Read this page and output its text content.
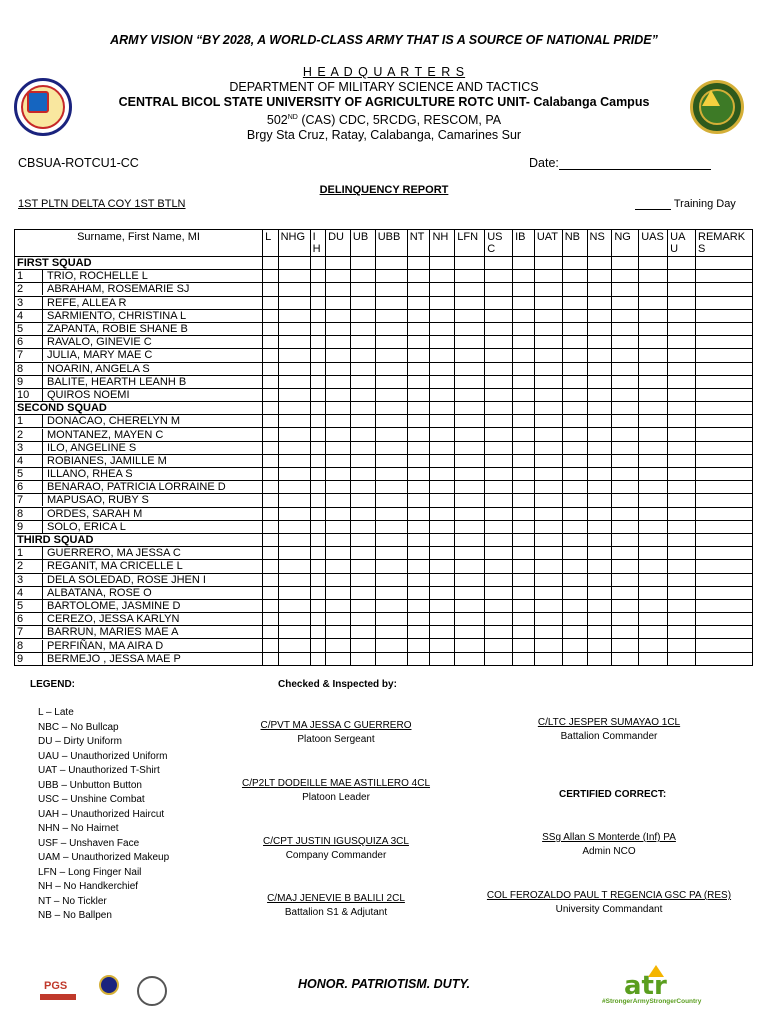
ARMY VISION “BY 2028, A WORLD-CLASS ARMY THAT IS A SOURCE OF NATIONAL PRIDE”
H E A D Q U A R T E R S
DEPARTMENT OF MILITARY SCIENCE AND TACTICS
CENTRAL BICOL STATE UNIVERSITY OF AGRICULTURE ROTC UNIT- Calabanga Campus
502ND (CAS) CDC, 5RCDG, RESCOM, PA
Brgy Sta Cruz, Ratay, Calabanga, Camarines Sur
CBSUA-ROTCU1-CC	Date:
DELINQUENCY REPORT
1ST PLTN DELTA COY 1ST BTLN	Training Day
Surname, First Name, MI	L	NHG	IH	DU	UB	UBB	NT	NH	LFN	USC	IB	UAT	NB	NS	NG	UAS	UAU	REMARKS
FIRST SQUAD																		
1 TRIO, ROCHELLE L																		
2 ABRAHAM, ROSEMARIE SJ																		
3 REFE, ALLEA R																		
4 SARMIENTO, CHRISTINA L																		
5 ZAPANTA, ROBIE SHANE B																		
6 RAVALO, GINEVIE C																		
7 JULIA, MARY MAE C																		
8 NOARIN, ANGELA S																		
9 BALITE, HEARTH LEANH B																		
10 QUIROS NOEMI																		
SECOND SQUAD																		
1 DONACAO, CHERELYN M																		
2 MONTANEZ, MAYEN C																		
3 ILO, ANGELINE S																		
4 ROBIANES, JAMILLE M																		
5 ILLANO, RHEA S																		
6 BENARAO, PATRICIA LORRAINE D																		
7 MAPUSAO, RUBY S																		
8 ORDES, SARAH M																		
9 SOLO, ERICA L																		
THIRD SQUAD																		
1 GUERRERO, MA JESSA C																		
2 REGANIT, MA CRICELLE L																		
3 DELA SOLEDAD, ROSE JHEN I																		
4 ALBATANA, ROSE O																		
5 BARTOLOME, JASMINE D																		
6 CEREZO, JESSA KARLYN																		
7 BARRUN, MARIES MAE A																		
8 PERFIÑAN, MA AIRA D																		
9 BERMEJO , JESSA MAE P																		
LEGEND:	Checked & Inspected by:
L – Late
NBC – No Bullcap
DU – Dirty Uniform
UAU – Unauthorized Uniform
UAT – Unauthorized T-Shirt
UBB – Unbutton Button
USC – Unshine Combat
UAH – Unauthorized Haircut
NHN – No Hairnet
USF – Unshaven Face
UAM – Unauthorized Makeup
LFN – Long Finger Nail
NH – No Handkerchief
NT – No Tickler
NB – No Ballpen
C/PVT MA JESSA C GUERRERO
Platoon Sergeant
C/P2LT DODEILLE MAE ASTILLERO 4CL
Platoon Leader
C/CPT JUSTIN IGUSQUIZA 3CL
Company Commander
C/MAJ JENEVIE B BALILI 2CL
Battalion S1 & Adjutant
C/LTC JESPER SUMAYAO 1CL
Battalion Commander
CERTIFIED CORRECT:
SSg Allan S Monterde (Inf) PA
Admin NCO
COL FEROZALDO PAUL T REGENCIA GSC PA (RES)
University Commandant
PGS	HONOR. PATRIOTISM. DUTY.	atr
#StrongerArmyStrongerCountry
